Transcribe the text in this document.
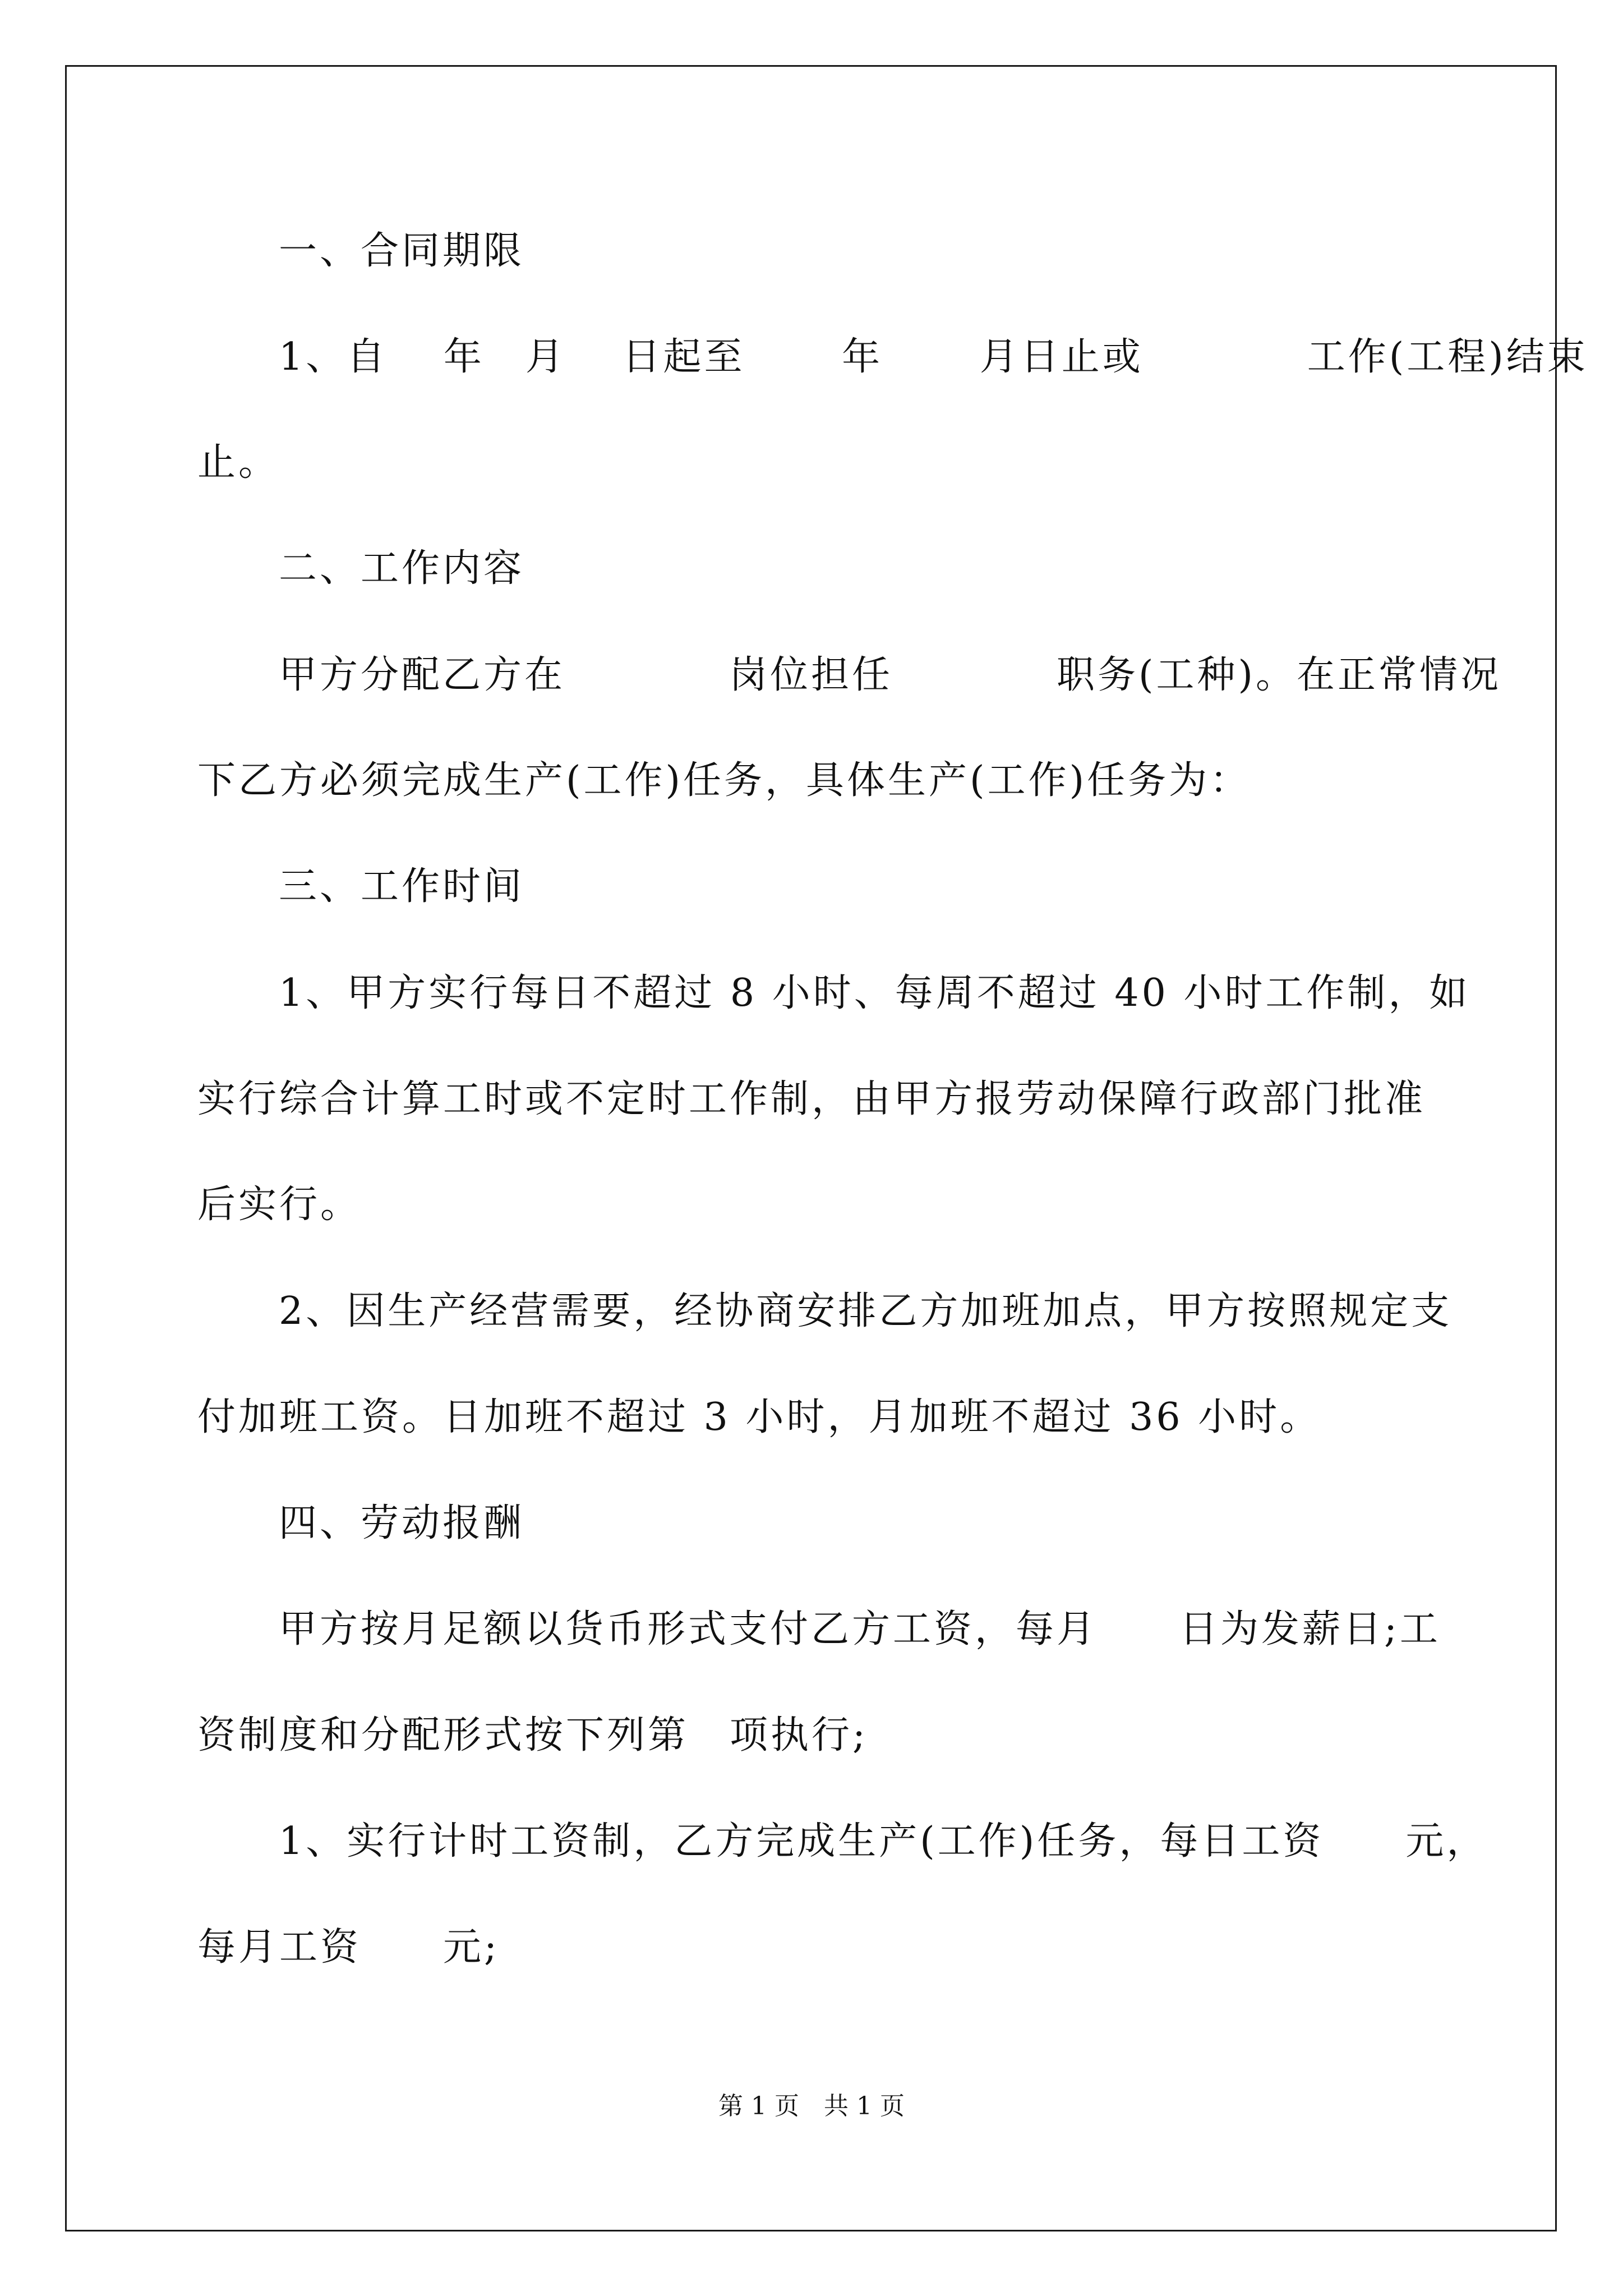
一、合同期限
1、自　 年　月　 日起至　　 年　　 月日止或　　　　工作(工程)结束
止。
二、工作内容
甲方分配乙方在　　　　岗位担任　　　　职务(工种)。在正常情况
下乙方必须完成生产(工作)任务，具体生产(工作)任务为：
三、工作时间
1、甲方实行每日不超过 8 小时、每周不超过 40 小时工作制，如
实行综合计算工时或不定时工作制，由甲方报劳动保障行政部门批准
后实行。
2、因生产经营需要，经协商安排乙方加班加点，甲方按照规定支
付加班工资。日加班不超过 3 小时，月加班不超过 36 小时。
四、劳动报酬
甲方按月足额以货币形式支付乙方工资，每月　　日为发薪日;工
资制度和分配形式按下列第　项执行;
1、实行计时工资制，乙方完成生产(工作)任务，每日工资　　元，
每月工资　　元;
第 1 页　共 1 页
